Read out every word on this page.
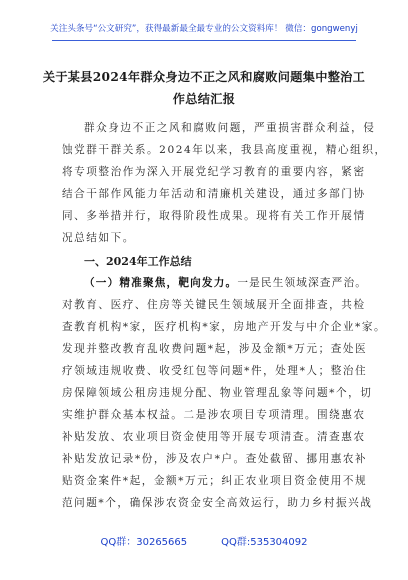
关注头条号“公文研究”，获得最新最全最专业的公文资料库！ 微信：gongwenyj
关于某县2024年群众身边不正之风和腐败问题集中整治工
作总结汇报
群众身边不正之风和腐败问题，严重损害群众利益，侵
蚀党群干群关系。2024年以来，我县高度重视，精心组织，
将专项整治作为深入开展党纪学习教育的重要内容，紧密
结合干部作风能力年活动和清廉机关建设，通过多部门协
同、多举措并行，取得阶段性成果。现将有关工作开展情
况总结如下。
一、2024年工作总结
（一）精准聚焦，靶向发力。一是民生领域深查严治。
对教育、医疗、住房等关键民生领域展开全面排查，共检
查教育机构*家，医疗机构*家，房地产开发与中介企业*家。
发现并整改教育乱收费问题*起，涉及金额*万元；查处医
疗领域违规收费、收受红包等问题*件，处理*人；整治住
房保障领域公租房违规分配、物业管理乱象等问题*个，切
实维护群众基本权益。二是涉农项目专项清理。围绕惠农
补贴发放、农业项目资金使用等开展专项清查。清查惠农
补贴发放记录*份，涉及农户*户。查处截留、挪用惠农补
贴资金案件*起，金额*万元；纠正农业项目资金使用不规
范问题*个，确保涉农资金安全高效运行，助力乡村振兴战
QQ群：30265665	QQ群:535304092
